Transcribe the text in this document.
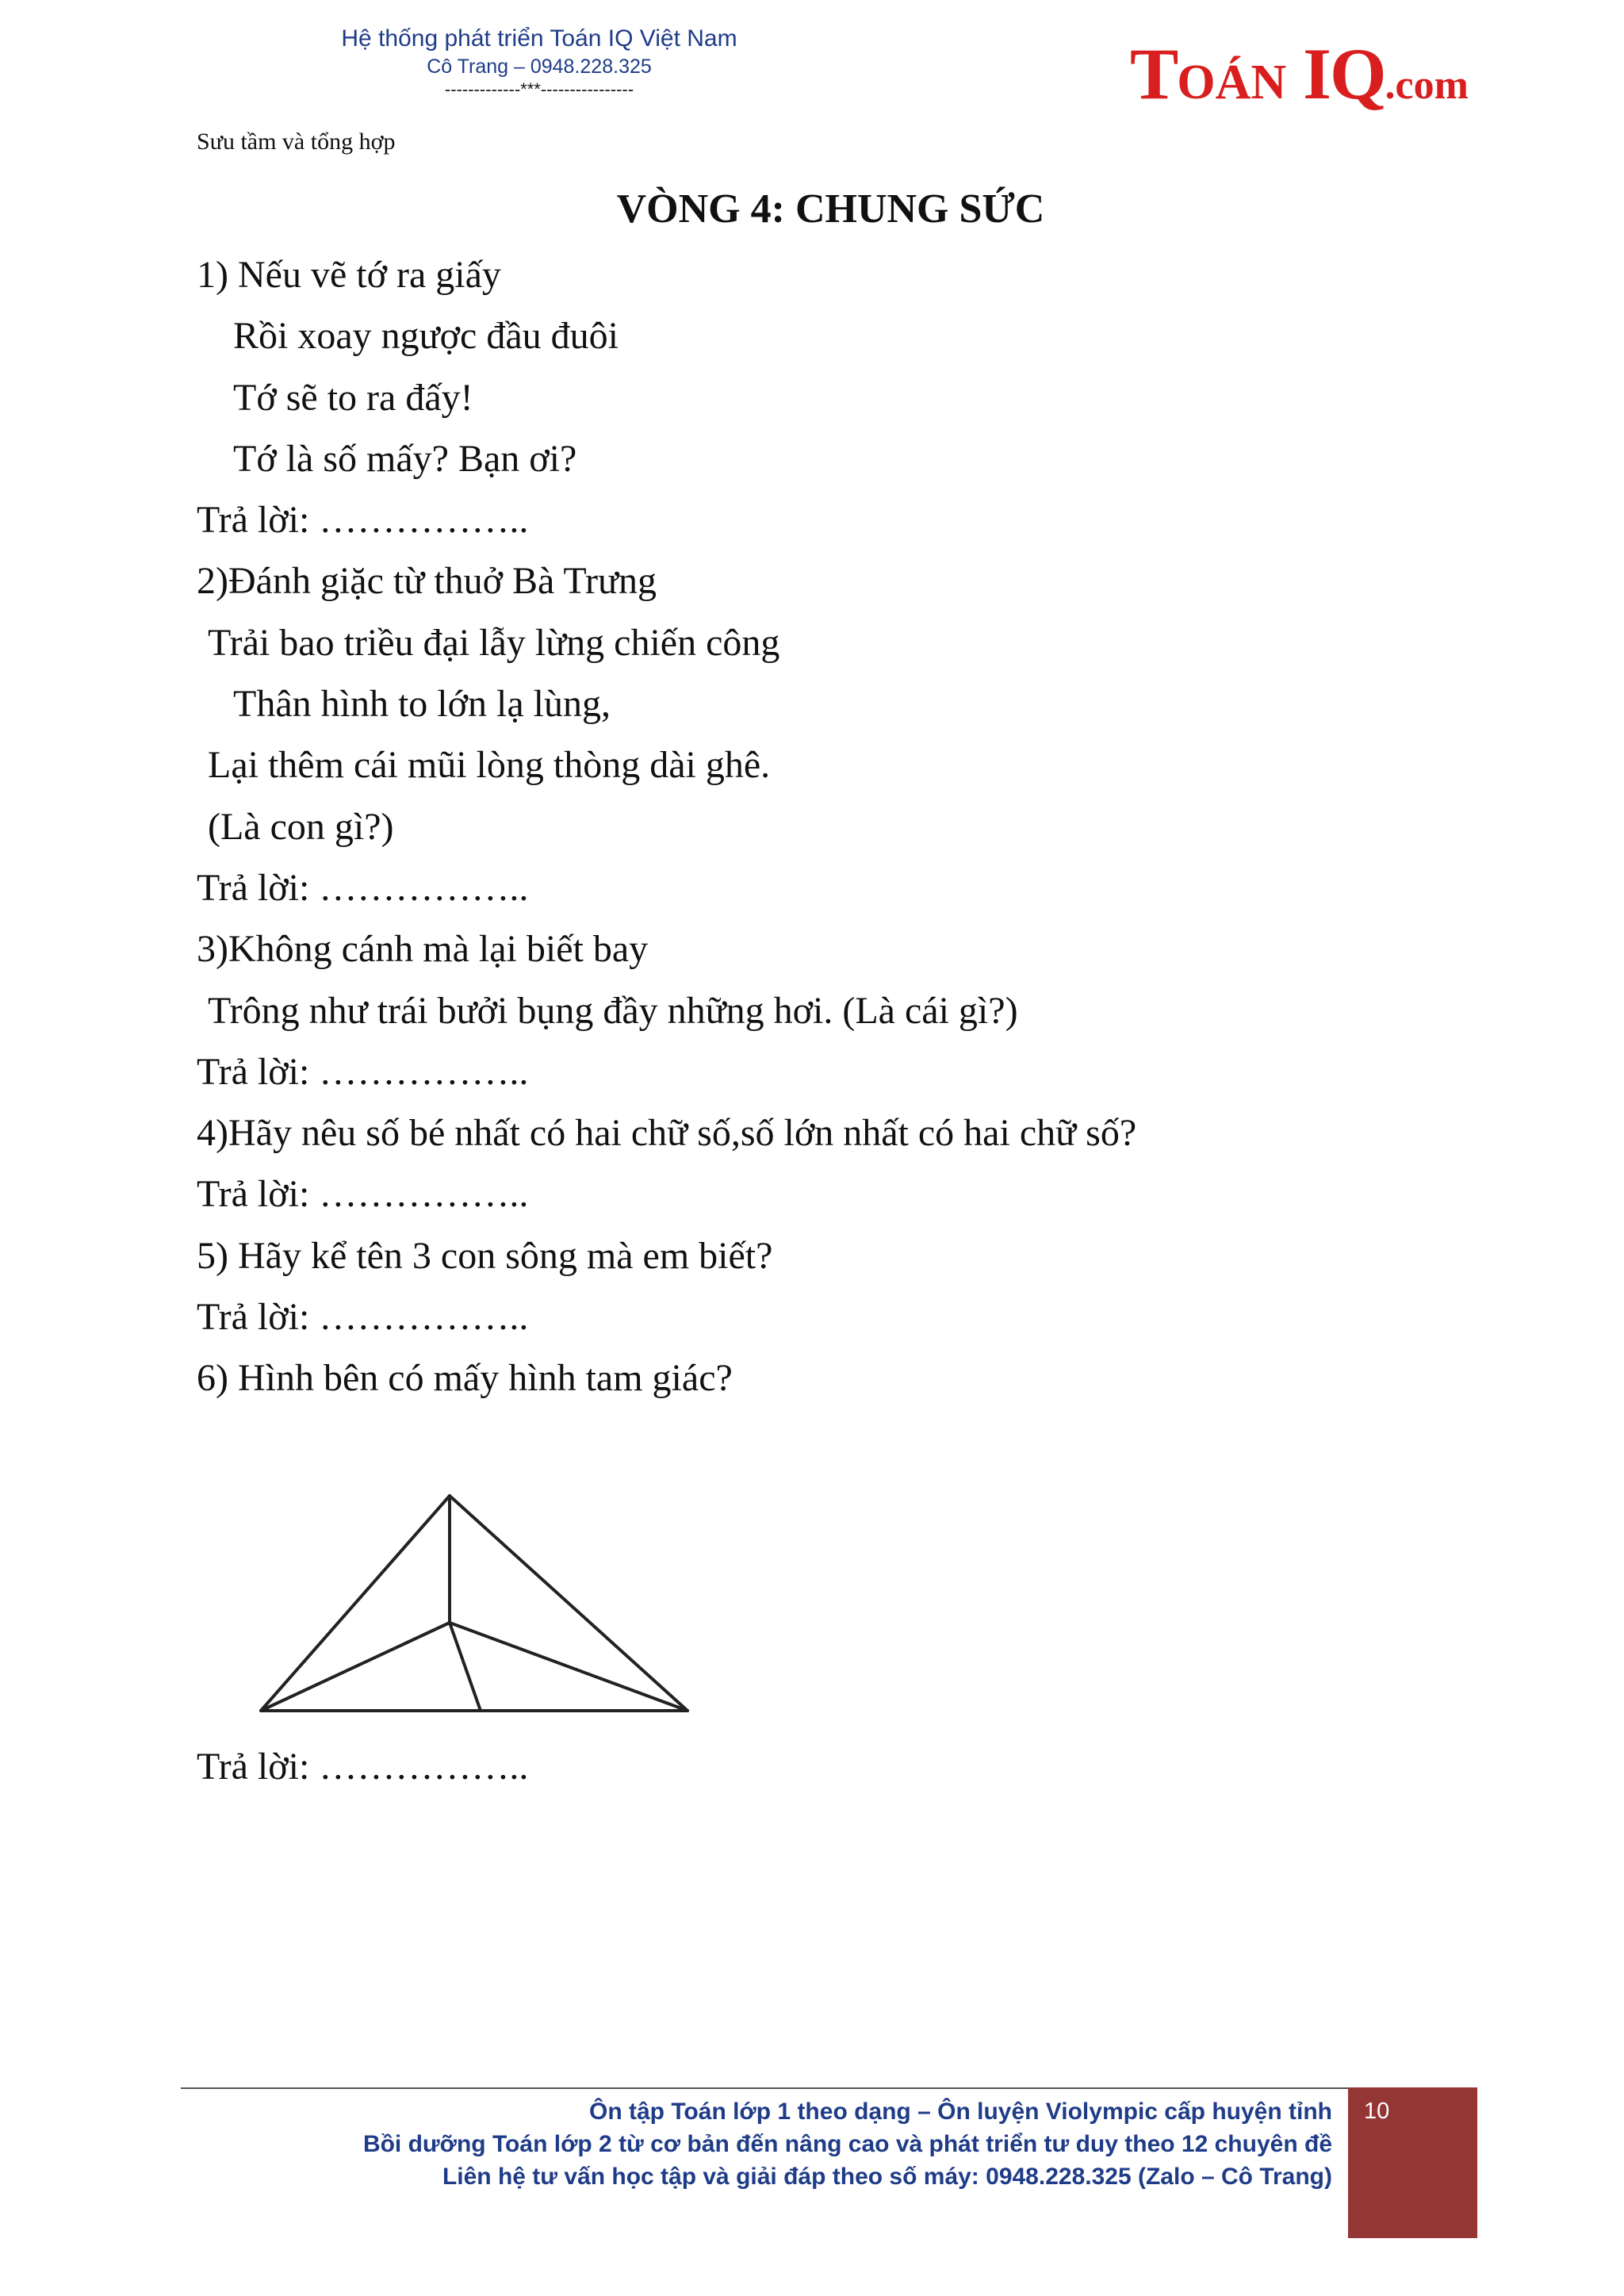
Hệ thống phát triển Toán IQ Việt Nam
Cô Trang – 0948.228.325
-------------***----------------	TOÁN IQ.com
Sưu tầm và tổng hợp
VÒNG 4: CHUNG SỨC
1) Nếu vẽ tớ ra giấy
Rồi xoay ngược đầu đuôi
Tớ sẽ to ra đấy!
Tớ là số mấy? Bạn ơi?
Trả lời: ……………..
2)Đánh giặc từ thuở Bà Trưng
Trải bao triều đại lẫy lừng chiến công
Thân hình to lớn lạ lùng,
Lại thêm cái mũi lòng thòng dài ghê.
(Là con gì?)
Trả lời: ……………..
3)Không cánh mà lại biết bay
Trông như trái bưởi bụng đầy những hơi. (Là cái gì?)
Trả lời: ……………..
4)Hãy nêu số bé nhất có hai chữ số,số lớn nhất có hai chữ số?
Trả lời: ……………..
5) Hãy kể tên 3 con sông mà em biết?
Trả lời: ……………..
6) Hình bên có mấy hình tam giác?
Trả lời: ……………..
Ôn tập Toán lớp 1 theo dạng – Ôn luyện Violympic cấp huyện tỉnh
Bồi dưỡng Toán lớp 2 từ cơ bản đến nâng cao và phát triển tư duy theo 12 chuyên đề
Liên hệ tư vấn học tập và giải đáp theo số máy: 0948.228.325 (Zalo – Cô Trang)
10
